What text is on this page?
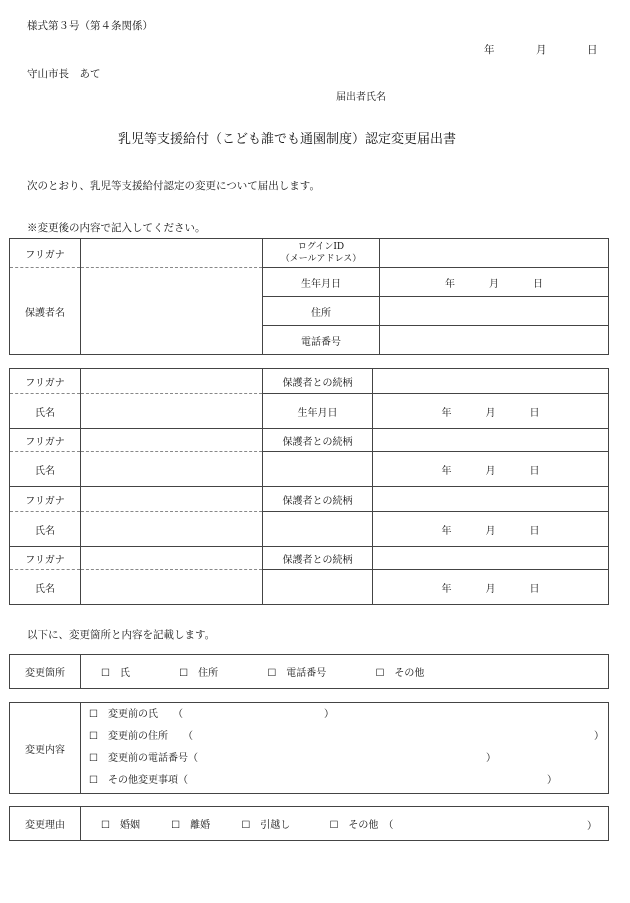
様式第３号（第４条関係）
年	月	日
守山市長　あて
届出者氏名
乳児等支援給付（こども誰でも通園制度）認定変更届出書
次のとおり、乳児等支援給付認定の変更について届出します。
※変更後の内容で記入してください。
フリガナ		ログインID
（メールアドレス）	

保護者名		生年月日	年 月 日

		住所	
		電話番号	
フリガナ		保護者との続柄	
氏名		生年月日	年 月 日

フリガナ		保護者との続柄	
氏名			年 月 日

フリガナ		保護者との続柄	
氏名			年 月 日

フリガナ		保護者との続柄	
氏名			年 月 日
以下に、変更箇所と内容を記載します。
変更箇所	☐　氏	☐　住所	☐　電話番号	☐　その他
変更内容	
☐　変更前の氏　　（	）
☐　変更前の住所　　（	）
☐　変更前の電話番号（	）
☐　その他変更事項（	）
変更理由	☐　婚姻	☐　離婚	☐　引越し	☐　その他　（	）
